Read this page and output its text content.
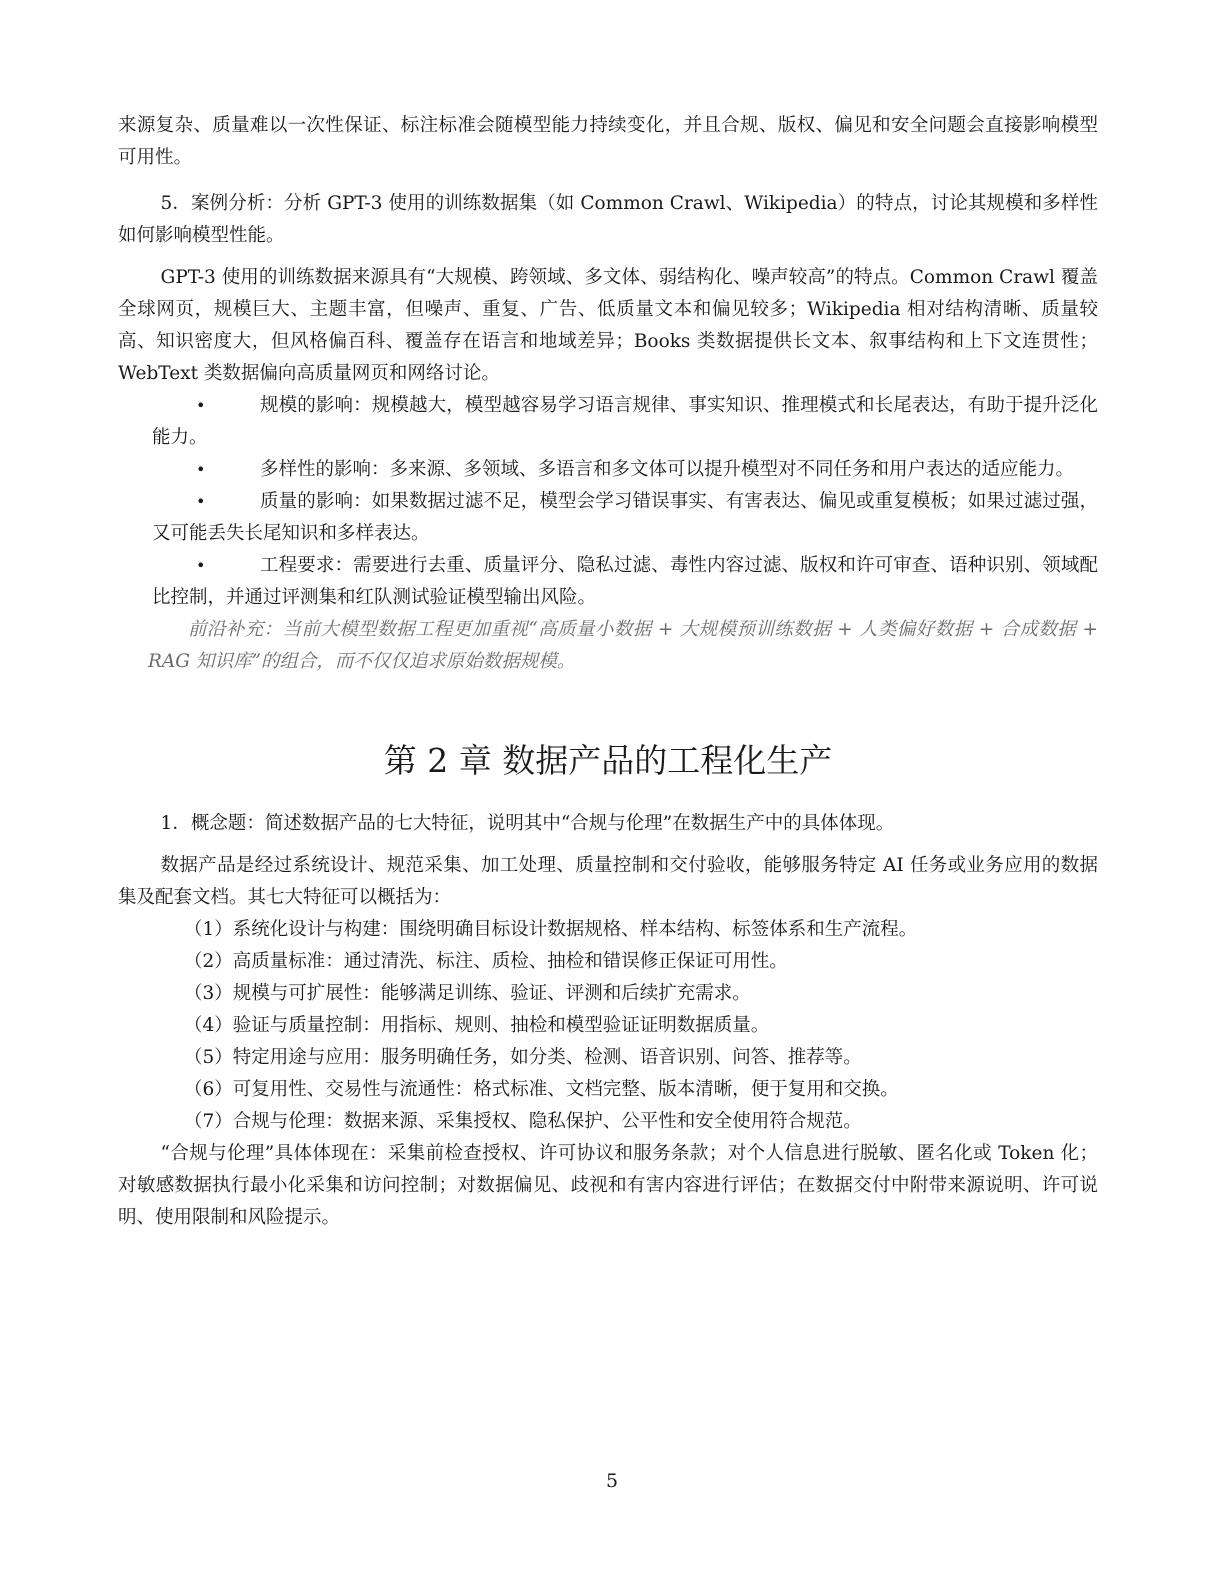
来源复杂、质量难以一次性保证、标注标准会随模型能力持续变化，并且合规、版权、偏见和安全问题会直接影响模型可用性。

5．案例分析：分析 GPT-3 使用的训练数据集（如 Common Crawl、Wikipedia）的特点，讨论其规模和多样性如何影响模型性能。

GPT-3 使用的训练数据来源具有“大规模、跨领域、多文体、弱结构化、噪声较高”的特点。Common Crawl 覆盖全球网页，规模巨大、主题丰富，但噪声、重复、广告、低质量文本和偏见较多；Wikipedia 相对结构清晰、质量较高、知识密度大，但风格偏百科、覆盖存在语言和地域差异；Books 类数据提供长文本、叙事结构和上下文连贯性；WebText 类数据偏向高质量网页和网络讨论。

•	规模的影响：规模越大，模型越容易学习语言规律、事实知识、推理模式和长尾表达，有助于提升泛化能力。
•	多样性的影响：多来源、多领域、多语言和多文体可以提升模型对不同任务和用户表达的适应能力。
•	质量的影响：如果数据过滤不足，模型会学习错误事实、有害表达、偏见或重复模板；如果过滤过强，又可能丢失长尾知识和多样表达。
•	工程要求：需要进行去重、质量评分、隐私过滤、毒性内容过滤、版权和许可审查、语种识别、领域配比控制，并通过评测集和红队测试验证模型输出风险。

前沿补充：当前大模型数据工程更加重视“高质量小数据 + 大规模预训练数据 + 人类偏好数据 + 合成数据 + RAG 知识库”的组合，而不仅仅追求原始数据规模。

第 2 章 数据产品的工程化生产

1．概念题：简述数据产品的七大特征，说明其中“合规与伦理”在数据生产中的具体体现。

数据产品是经过系统设计、规范采集、加工处理、质量控制和交付验收，能够服务特定 AI 任务或业务应用的数据集及配套文档。其七大特征可以概括为：

（1）系统化设计与构建：围绕明确目标设计数据规格、样本结构、标签体系和生产流程。
（2）高质量标准：通过清洗、标注、质检、抽检和错误修正保证可用性。
（3）规模与可扩展性：能够满足训练、验证、评测和后续扩充需求。
（4）验证与质量控制：用指标、规则、抽检和模型验证证明数据质量。
（5）特定用途与应用：服务明确任务，如分类、检测、语音识别、问答、推荐等。
（6）可复用性、交易性与流通性：格式标准、文档完整、版本清晰，便于复用和交换。
（7）合规与伦理：数据来源、采集授权、隐私保护、公平性和安全使用符合规范。

“合规与伦理”具体体现在：采集前检查授权、许可协议和服务条款；对个人信息进行脱敏、匿名化或 Token 化；对敏感数据执行最小化采集和访问控制；对数据偏见、歧视和有害内容进行评估；在数据交付中附带来源说明、许可说明、使用限制和风险提示。

5
